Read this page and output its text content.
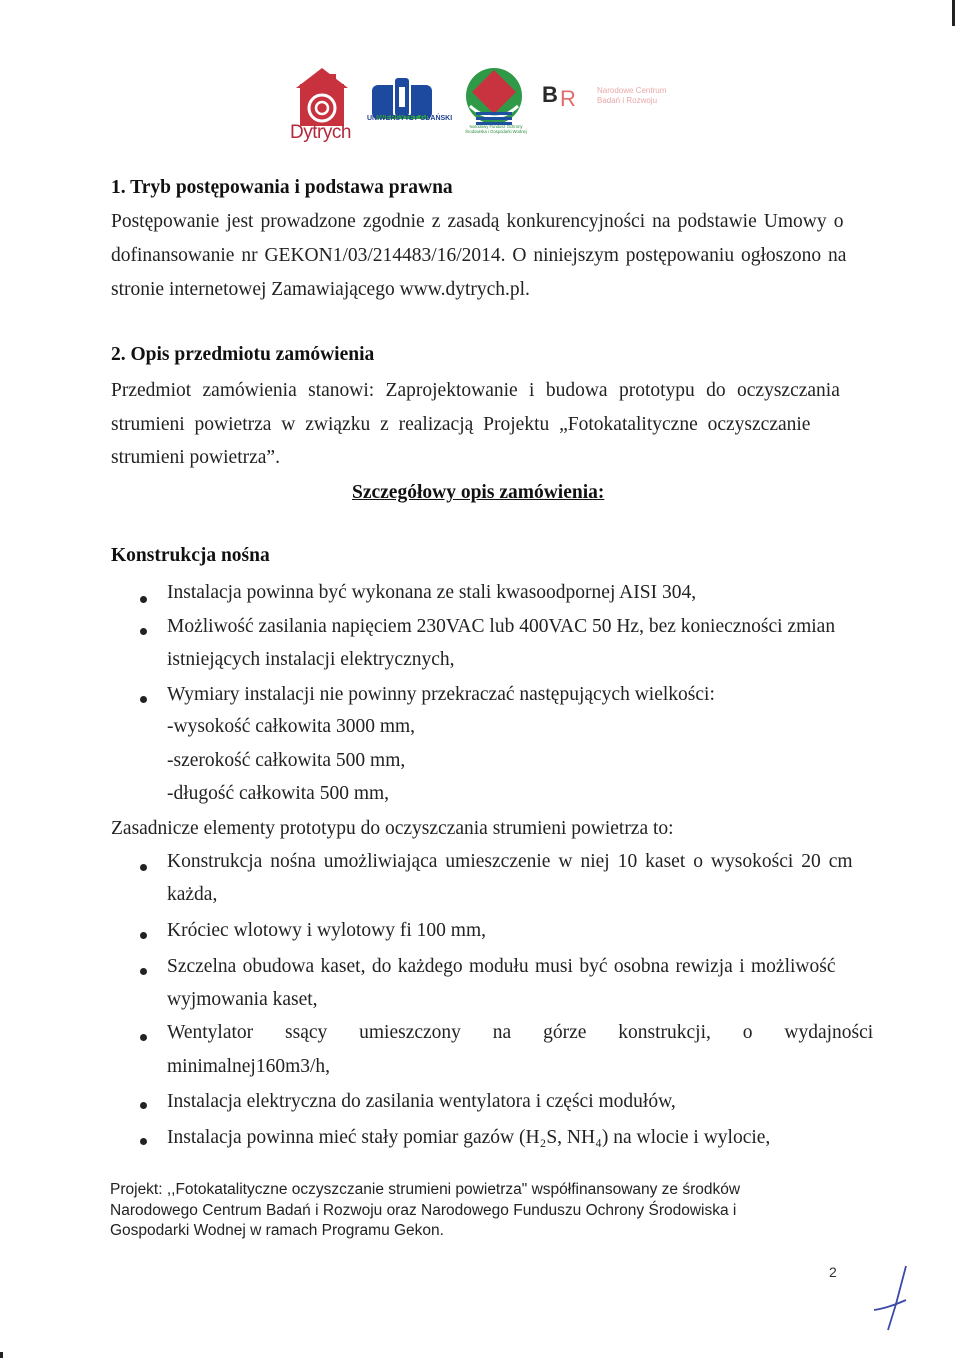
Dytrych
UNIWERSYTET GDAŃSKI
Narodowy Fundusz Ochrony Środowiska i Gospodarki Wodnej
B R	Narodowe Centrum
Badań i Rozwoju
1. Tryb postępowania i podstawa prawna
Postępowanie jest prowadzone zgodnie z zasadą konkurencyjności na podstawie Umowy o
dofinansowanie nr GEKON1/03/214483/16/2014. O niniejszym postępowaniu ogłoszono na
stronie internetowej Zamawiającego www.dytrych.pl.
2. Opis przedmiotu zamówienia
Przedmiot zamówienia stanowi: Zaprojektowanie i budowa prototypu do oczyszczania
strumieni powietrza w związku z realizacją Projektu „Fotokatalityczne oczyszczanie
strumieni powietrza”.
Szczegółowy opis zamówienia:
Konstrukcja nośna
Instalacja powinna być wykonana ze stali kwasoodpornej AISI 304,
Możliwość zasilania napięciem 230VAC lub 400VAC 50 Hz, bez konieczności zmian
istniejących instalacji elektrycznych,
Wymiary instalacji nie powinny przekraczać następujących wielkości:
-wysokość całkowita 3000 mm,
-szerokość całkowita 500 mm,
-długość całkowita 500 mm,
Zasadnicze elementy prototypu do oczyszczania strumieni powietrza to:
Konstrukcja nośna umożliwiająca umieszczenie w niej 10 kaset o wysokości 20 cm
każda,
Króciec wlotowy i wylotowy fi 100 mm,
Szczelna obudowa kaset, do każdego modułu musi być osobna rewizja i możliwość
wyjmowania kaset,
Wentylator ssący umieszczony na górze konstrukcji, o wydajności
minimalnej160m3/h,
Instalacja elektryczna do zasilania wentylatora i części modułów,
Instalacja powinna mieć stały pomiar gazów (H₂S, NH₄) na wlocie i wylocie,
Projekt: ,,Fotokatalityczne oczyszczanie strumieni powietrza" współfinansowany ze środków
Narodowego Centrum Badań i Rozwoju oraz Narodowego Funduszu Ochrony Środowiska i
Gospodarki Wodnej w ramach Programu Gekon.
2
